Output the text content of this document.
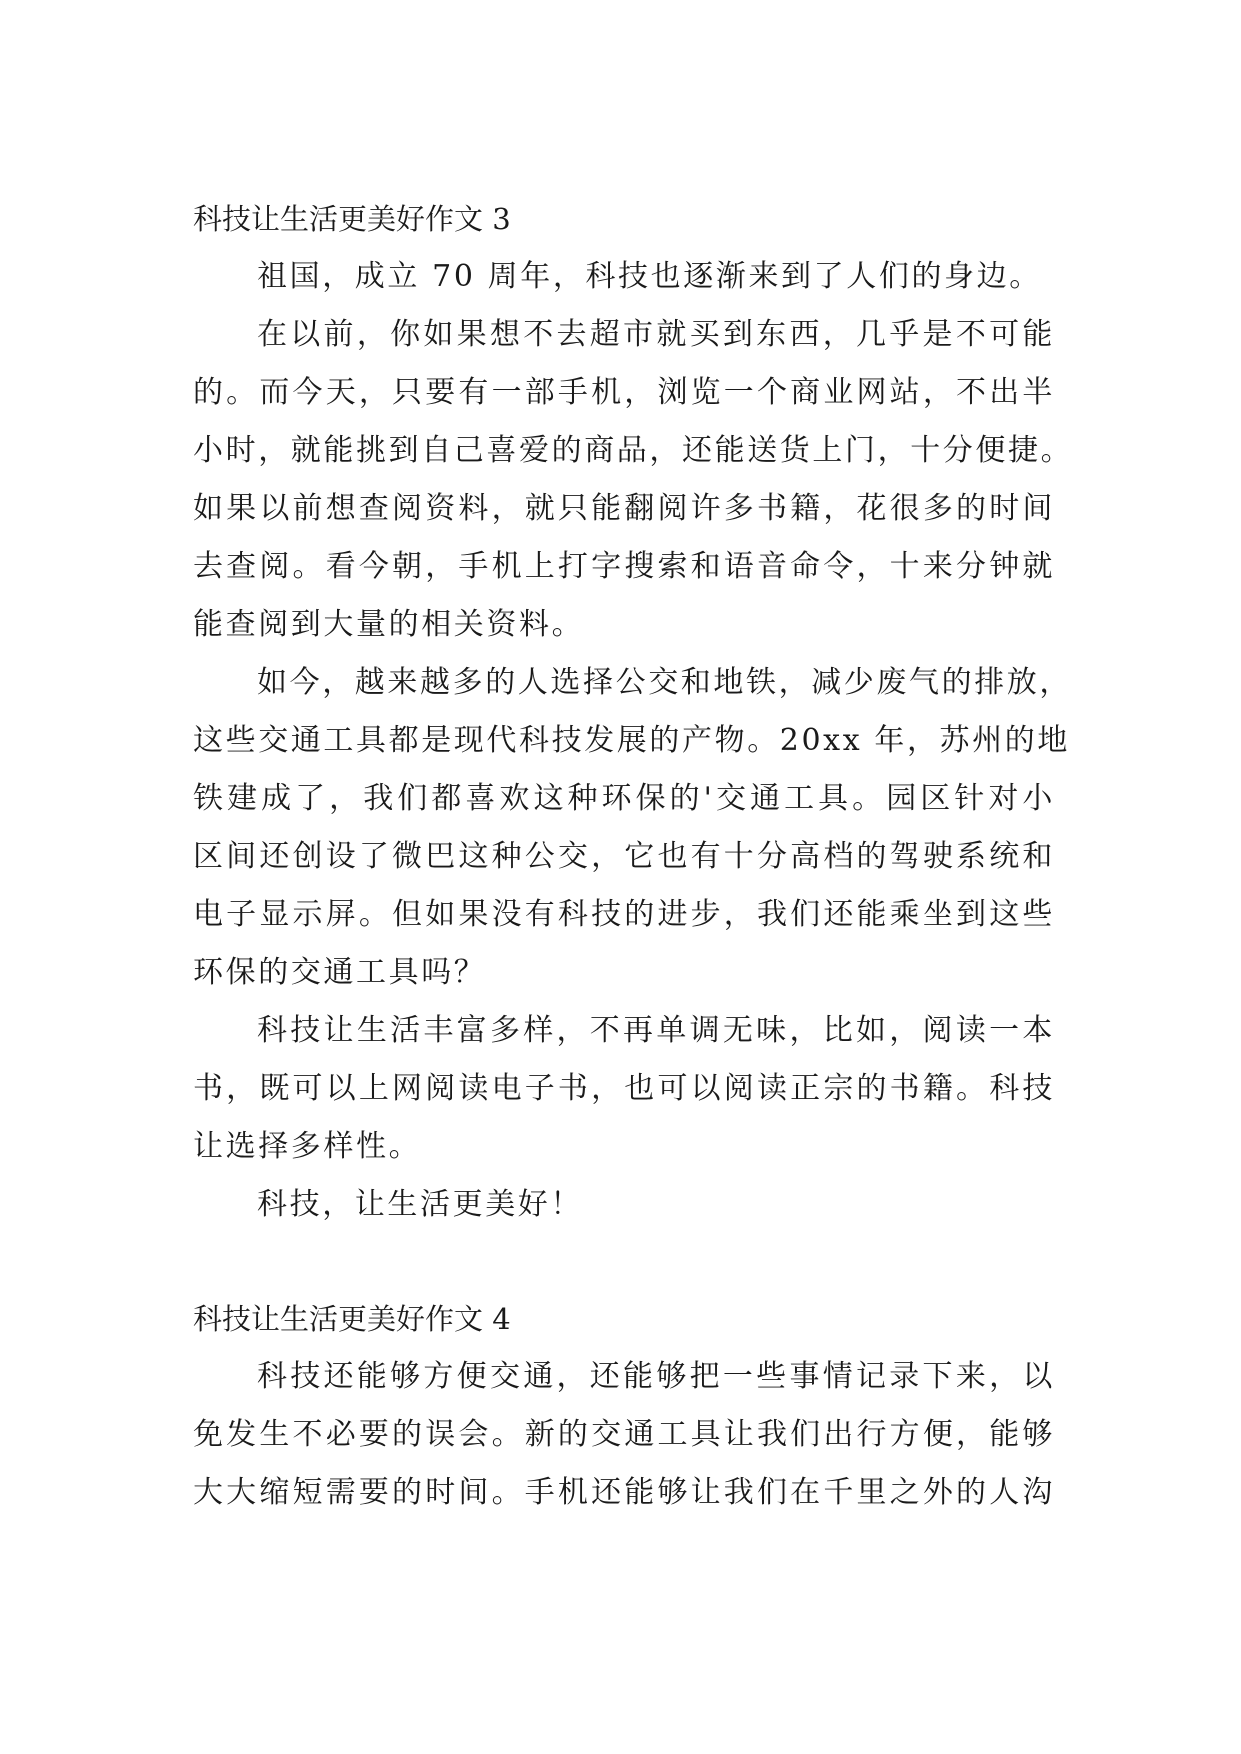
科技让生活更美好作文 3
祖国，成立 70 周年，科技也逐渐来到了人们的身边。
在以前，你如果想不去超市就买到东西，几乎是不可能
的。而今天，只要有一部手机，浏览一个商业网站，不出半
小时，就能挑到自己喜爱的商品，还能送货上门，十分便捷。
如果以前想查阅资料，就只能翻阅许多书籍，花很多的时间
去查阅。看今朝，手机上打字搜索和语音命令，十来分钟就
能查阅到大量的相关资料。
如今，越来越多的人选择公交和地铁，减少废气的排放，
这些交通工具都是现代科技发展的产物。20xx 年，苏州的地
铁建成了，我们都喜欢这种环保的'交通工具。园区针对小
区间还创设了微巴这种公交，它也有十分高档的驾驶系统和
电子显示屏。但如果没有科技的进步，我们还能乘坐到这些
环保的交通工具吗？
科技让生活丰富多样，不再单调无味，比如，阅读一本
书，既可以上网阅读电子书，也可以阅读正宗的书籍。科技
让选择多样性。
科技，让生活更美好！
科技让生活更美好作文 4
科技还能够方便交通，还能够把一些事情记录下来，以
免发生不必要的误会。新的交通工具让我们出行方便，能够
大大缩短需要的时间。手机还能够让我们在千里之外的人沟
